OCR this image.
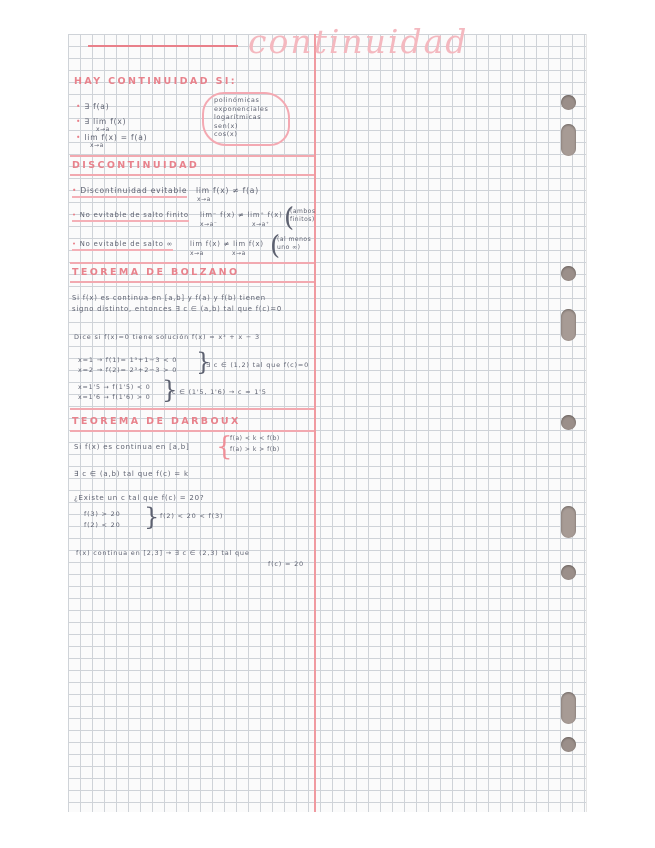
continuidad
HAY CONTINUIDAD SI:
• ∃ f(a)
• ∃ lim f(x)
x→a
• lim f(x) = f(a)
x→a
polinómicas
exponenciales
logarítmicas
sen(x)
cos(x)
DISCONTINUIDAD
• Discontinuidad evitable lim f(x) ≠ f(a)
x→a
• No evitable de salto finito lim⁻ f(x) ≠ lim⁺ f(x)
x→a⁻	x→a⁺ (
(ambos finitos)
• No evitable de salto ∞ lim f(x) ≠ lim f(x)
x→a	x→a (
(al menos uno ∞)
TEOREMA DE BOLZANO
Si f(x) es continua en [a,b] y f(a) y f(b) tienen
signo distinto, entonces ∃ c ∈ (a,b) tal que f(c)=0
Dice si f(x)=0 tiene solución f(x) = x³ + x − 3
x=1 → f(1)= 1³+1−3 < 0
x=2 → f(2)= 2³+2−3 > 0 }
∃ c ∈ (1,2) tal que f(c)=0
x=1'5 → f(1'5) < 0
x=1'6 → f(1'6) > 0 }
c ∈ (1'5, 1'6) → c ≈ 1'5
TEOREMA DE DARBOUX
Si f(x) es continua en [a,b] {
f(a) < k < f(b)
f(a) > k > f(b)
∃ c ∈ (a,b) tal que f(c) = k
¿Existe un c tal que f(c) = 20?
f(3) > 20
f(2) < 20 } f(2) < 20 < f(3)
f(x) continua en [2,3] → ∃ c ∈ (2,3) tal que
f(c) = 20
